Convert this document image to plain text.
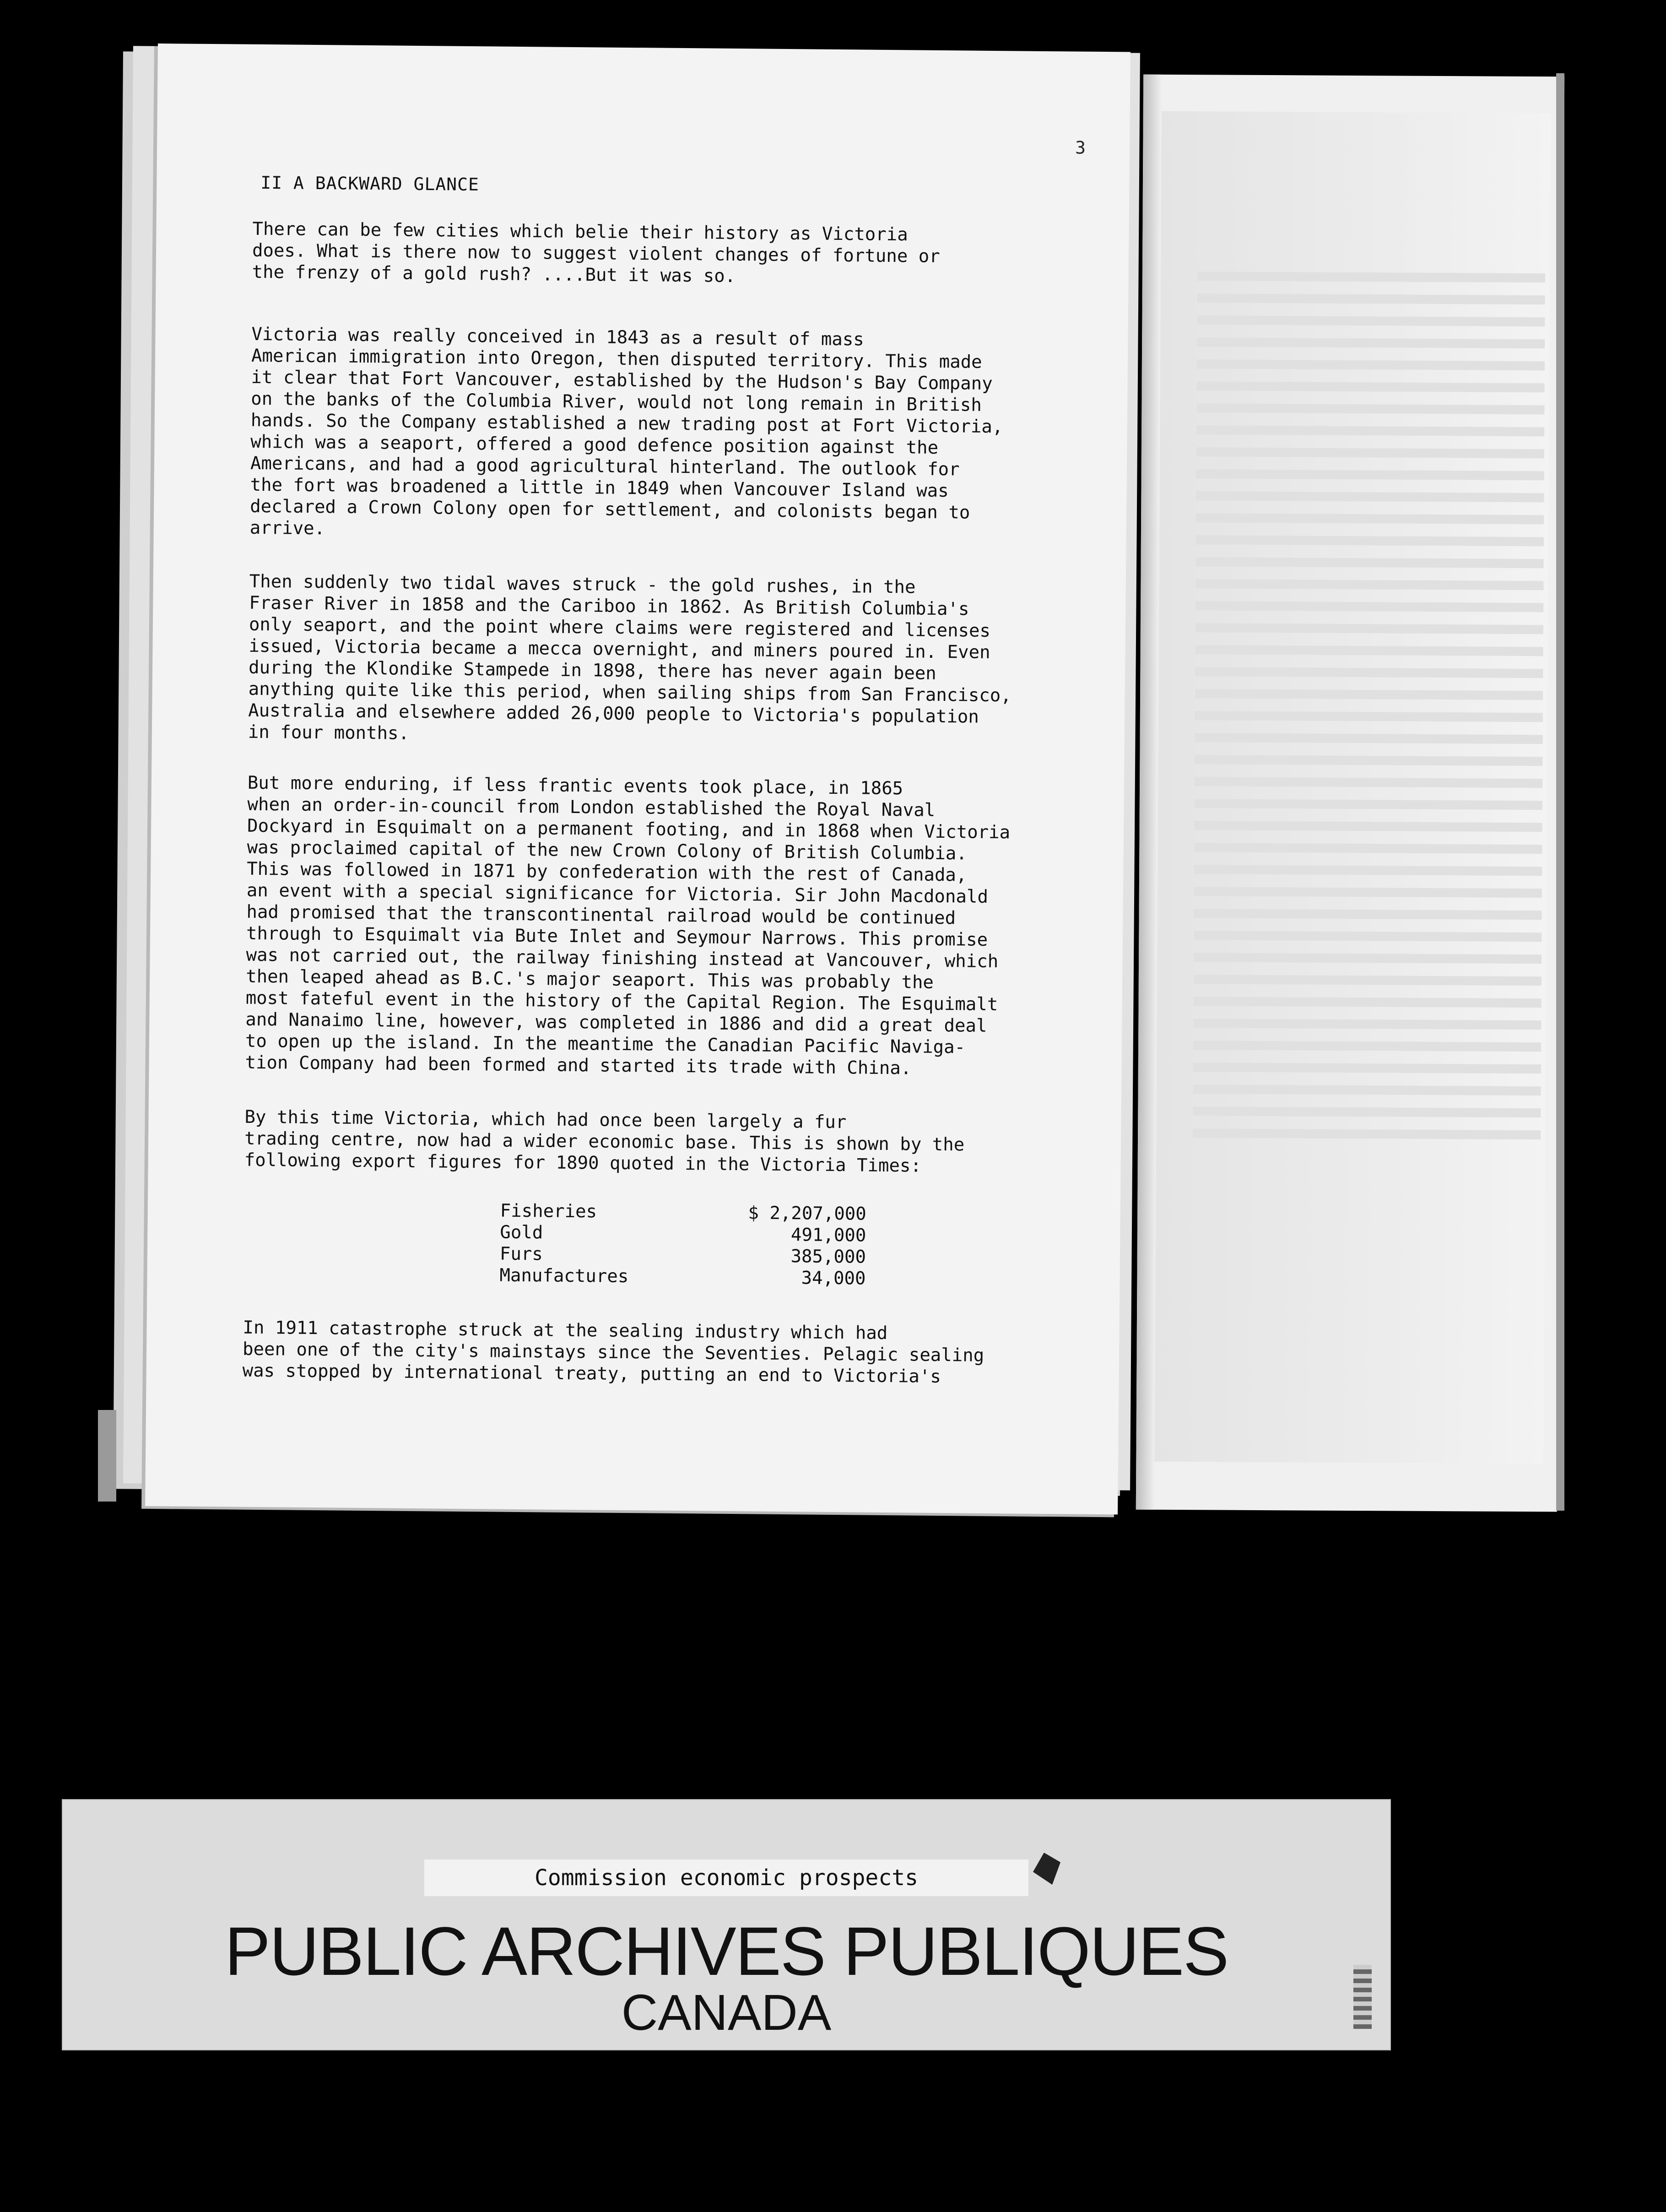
3
II A BACKWARD GLANCE

There can be few cities which belie their history as Victoria
does. What is there now to suggest violent changes of fortune or
the frenzy of a gold rush? ....But it was so.

Victoria was really conceived in 1843 as a result of mass
American immigration into Oregon, then disputed territory. This made
it clear that Fort Vancouver, established by the Hudson's Bay Company
on the banks of the Columbia River, would not long remain in British
hands. So the Company established a new trading post at Fort Victoria,
which was a seaport, offered a good defence position against the
Americans, and had a good agricultural hinterland. The outlook for
the fort was broadened a little in 1849 when Vancouver Island was
declared a Crown Colony open for settlement, and colonists began to
arrive.

Then suddenly two tidal waves struck - the gold rushes, in the
Fraser River in 1858 and the Cariboo in 1862. As British Columbia's
only seaport, and the point where claims were registered and licenses
issued, Victoria became a mecca overnight, and miners poured in. Even
during the Klondike Stampede in 1898, there has never again been
anything quite like this period, when sailing ships from San Francisco,
Australia and elsewhere added 26,000 people to Victoria's population
in four months.

But more enduring, if less frantic events took place, in 1865
when an order-in-council from London established the Royal Naval
Dockyard in Esquimalt on a permanent footing, and in 1868 when Victoria
was proclaimed capital of the new Crown Colony of British Columbia.
This was followed in 1871 by confederation with the rest of Canada,
an event with a special significance for Victoria. Sir John Macdonald
had promised that the transcontinental railroad would be continued
through to Esquimalt via Bute Inlet and Seymour Narrows. This promise
was not carried out, the railway finishing instead at Vancouver, which
then leaped ahead as B.C.'s major seaport. This was probably the
most fateful event in the history of the Capital Region. The Esquimalt
and Nanaimo line, however, was completed in 1886 and did a great deal
to open up the island. In the meantime the Canadian Pacific Naviga-
tion Company had been formed and started its trade with China.

By this time Victoria, which had once been largely a fur
trading centre, now had a wider economic base. This is shown by the
following export figures for 1890 quoted in the Victoria Times:

Fisheries	$ 2,207,000
Gold	491,000
Furs	385,000
Manufactures	34,000

In 1911 catastrophe struck at the sealing industry which had
been one of the city's mainstays since the Seventies. Pelagic sealing
was stopped by international treaty, putting an end to Victoria's

Commission economic prospects
PUBLIC ARCHIVES PUBLIQUES
CANADA
